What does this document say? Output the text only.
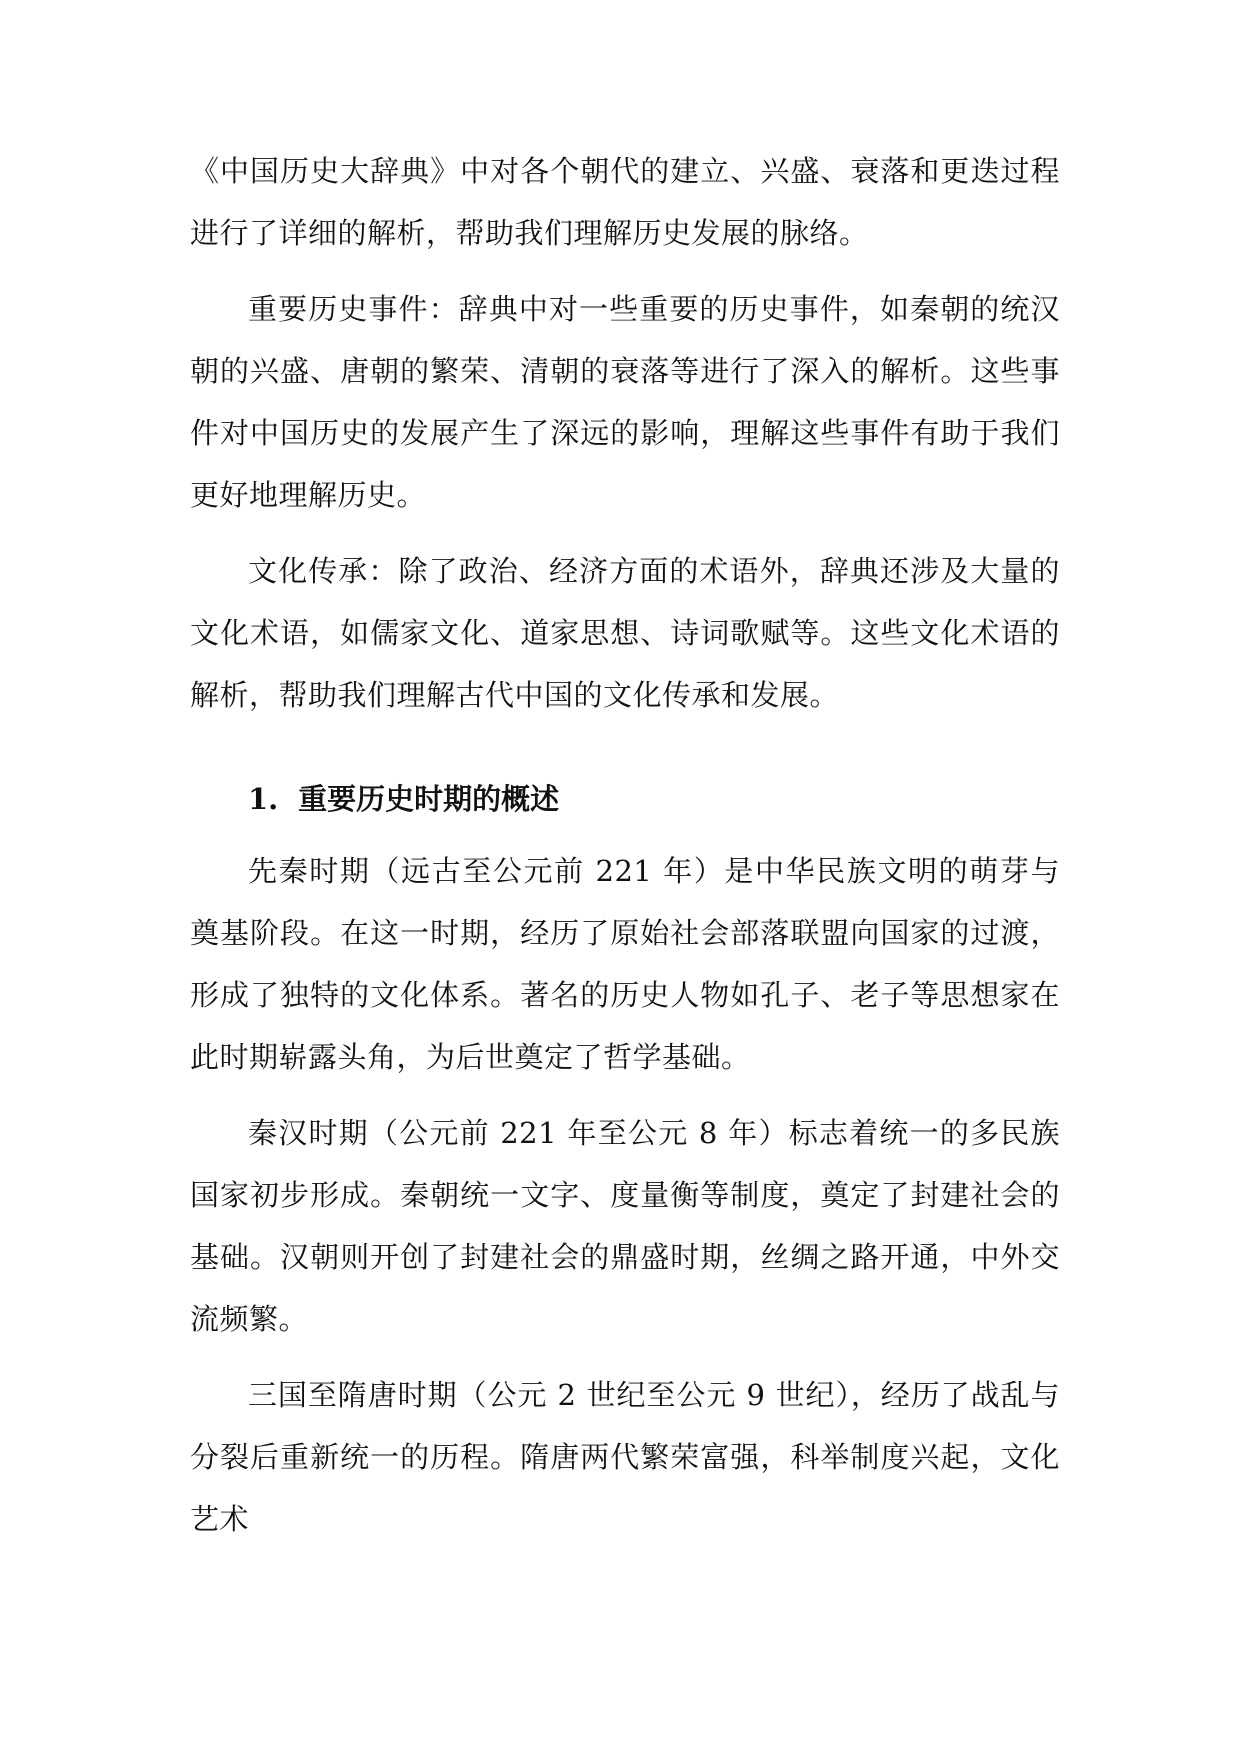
《中国历史大辞典》中对各个朝代的建立、兴盛、衰落和更迭过程进行了详细的解析，帮助我们理解历史发展的脉络。

重要历史事件：辞典中对一些重要的历史事件，如秦朝的统汉朝的兴盛、唐朝的繁荣、清朝的衰落等进行了深入的解析。这些事件对中国历史的发展产生了深远的影响，理解这些事件有助于我们更好地理解历史。

文化传承：除了政治、经济方面的术语外，辞典还涉及大量的文化术语，如儒家文化、道家思想、诗词歌赋等。这些文化术语的解析，帮助我们理解古代中国的文化传承和发展。

1. 重要历史时期的概述

先秦时期（远古至公元前 221 年）是中华民族文明的萌芽与奠基阶段。在这一时期，经历了原始社会部落联盟向国家的过渡，形成了独特的文化体系。著名的历史人物如孔子、老子等思想家在此时期崭露头角，为后世奠定了哲学基础。

秦汉时期（公元前 221 年至公元 8 年）标志着统一的多民族国家初步形成。秦朝统一文字、度量衡等制度，奠定了封建社会的基础。汉朝则开创了封建社会的鼎盛时期，丝绸之路开通，中外交流频繁。

三国至隋唐时期（公元 2 世纪至公元 9 世纪），经历了战乱与分裂后重新统一的历程。隋唐两代繁荣富强，科举制度兴起，文化艺术
